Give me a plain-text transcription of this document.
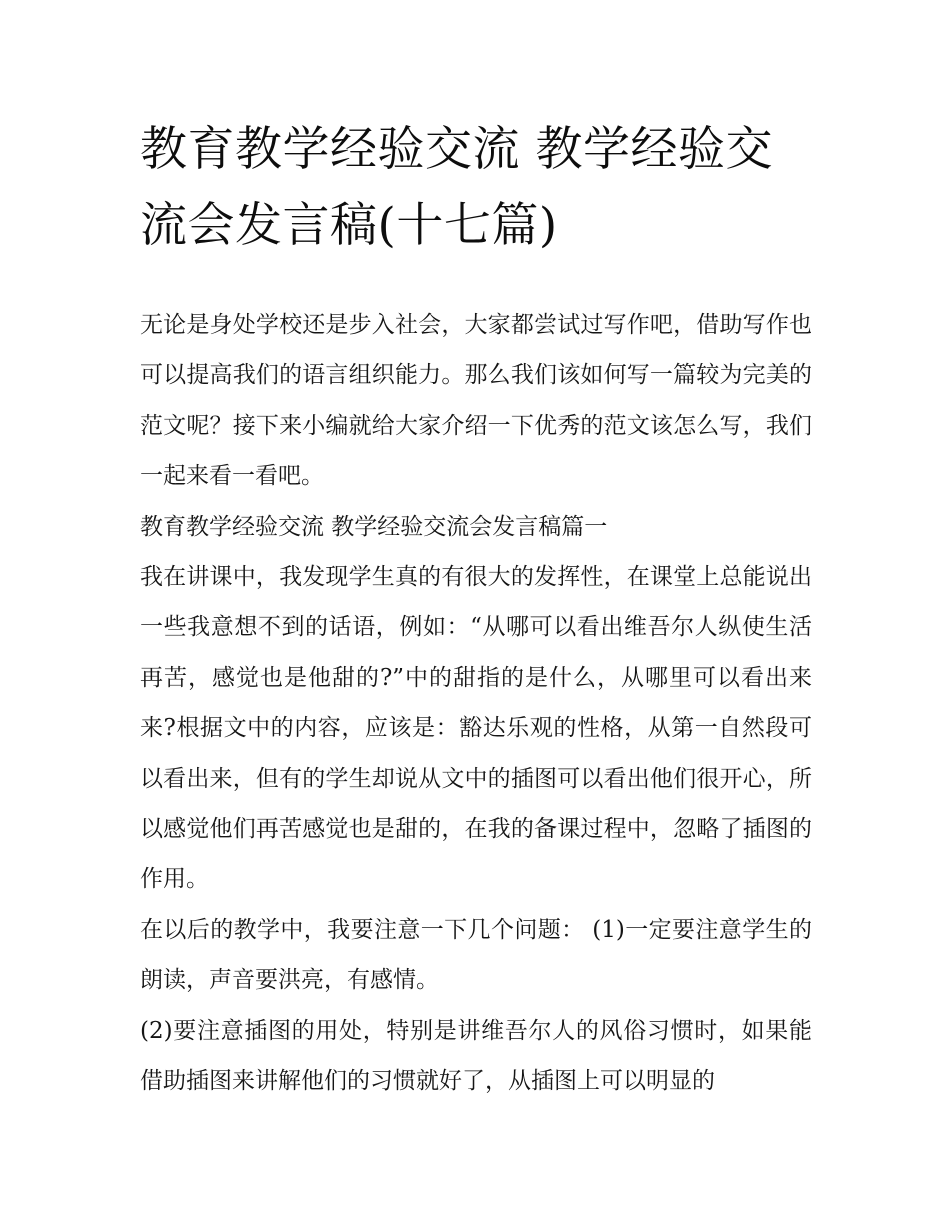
教育教学经验交流 教学经验交流会发言稿(十七篇)

无论是身处学校还是步入社会，大家都尝试过写作吧，借助写作也可以提高我们的语言组织能力。那么我们该如何写一篇较为完美的范文呢？接下来小编就给大家介绍一下优秀的范文该怎么写，我们一起来看一看吧。

教育教学经验交流 教学经验交流会发言稿篇一

我在讲课中，我发现学生真的有很大的发挥性，在课堂上总能说出一些我意想不到的话语，例如：“从哪可以看出维吾尔人纵使生活再苦，感觉也是他甜的?”中的甜指的是什么，从哪里可以看出来来?根据文中的内容，应该是：豁达乐观的性格，从第一自然段可以看出来，但有的学生却说从文中的插图可以看出他们很开心，所以感觉他们再苦感觉也是甜的，在我的备课过程中，忽略了插图的作用。

在以后的教学中，我要注意一下几个问题： (1)一定要注意学生的朗读，声音要洪亮，有感情。

(2)要注意插图的用处，特别是讲维吾尔人的风俗习惯时，如果能借助插图来讲解他们的习惯就好了，从插图上可以明显的
